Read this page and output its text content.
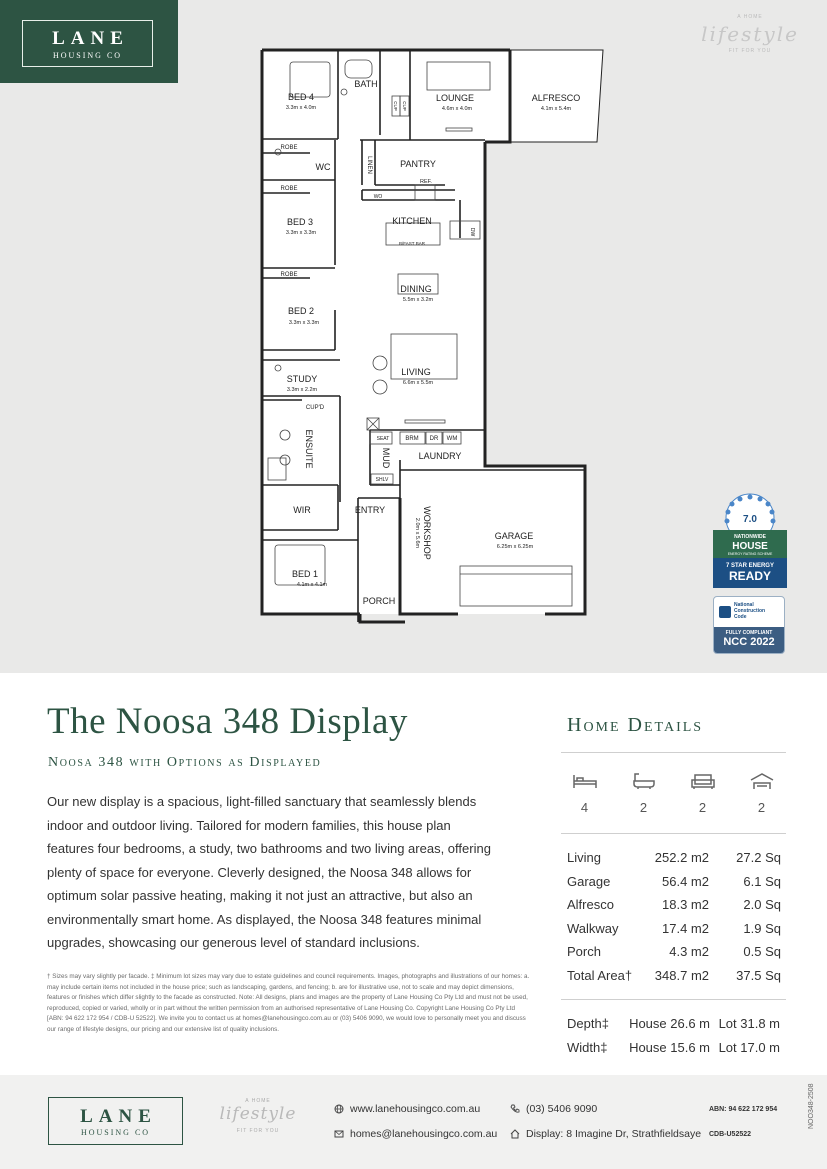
LANE
HOUSING CO
A HOME
lifestyle
FIT FOR YOU
BED 4
3.3m x 4.0m
BATH
LOUNGE
4.6m x 4.0m
ALFRESCO
4.1m x 5.4m
ROBE
WC
ROBE
PANTRY
REF.
WO
KITCHEN
B/FAST BAR
BED 3
3.3m x 3.3m
ROBE
DINING
5.5m x 3.2m
BED 2
3.3m x 3.3m
STUDY
3.3m x 2.2m
LIVING
6.6m x 5.5m
CUP'D
SEAT	BRM DR WM
LAUNDRY
SHLV
WIR	ENTRY
GARAGE
6.25m x 6.25m
BED 1
4.1m x 4.1m
PORCH
LINEN
DW
CUP CUP
ENSUITE	MUD
WORKSHOP
2.0m x 5.6m	7.0
NATIONWIDE
HOUSE
ENERGY RATING SCHEME
7 STAR ENERGY
READY
National
Construction
Code
FULLY COMPLIANT
NCC 2022
The Noosa 348 Display
Noosa 348 with Options as Displayed
Our new display is a spacious, light-filled sanctuary that seamlessly blends indoor and outdoor living. Tailored for modern families, this house plan features four bedrooms, a study, two bathrooms and two living areas, offering plenty of space for everyone. Cleverly designed, the Noosa 348 allows for optimum solar passive heating, making it not just an attractive, but also an environmentally smart home. As displayed, the Noosa 348 features minimal upgrades, showcasing our generous level of standard inclusions.
† Sizes may vary slightly per facade. ‡ Minimum lot sizes may vary due to estate guidelines and council requirements. Images, photographs and illustrations of our homes: a. may include certain items not included in the house price; such as landscaping, gardens, and fencing; b. are for illustrative use, not to scale and may depict dimensions, features or finishes which differ slightly to the facade as constructed. Note: All designs, plans and images are the property of Lane Housing Co Pty Ltd and must not be used, reproduced, copied or varied, wholly or in part without the written permission from an authorised representative of Lane Housing Co. Copyright Lane Housing Co Pty Ltd [ABN: 94 622 172 954 / CDB-U 52522]. We invite you to contact us at homes@lanehousingco.com.au or (03) 5406 9090, we would love to personally meet you and discuss our range of lifestyle designs, our pricing and our extensive list of quality inclusions.
Home Details
4	2	2	2
Living	252.2 m2	27.2 Sq
Garage	56.4 m2	6.1 Sq
Alfresco	18.3 m2	2.0 Sq
Walkway	17.4 m2	1.9 Sq
Porch	4.3 m2	0.5 Sq
Total Area†	348.7 m2	37.5 Sq
Depth‡	House 26.6 m Lot 31.8 m
Width‡	House 15.6 m Lot 17.0 m
LANE
HOUSING CO
A HOME
lifestyle
FIT FOR YOU
www.lanehousingco.com.au
homes@lanehousingco.com.au
(03) 5406 9090
Display: 8 Imagine Dr, Strathfieldsaye
ABN: 94 622 172 954
CDB-U52522
NOO348-2508
